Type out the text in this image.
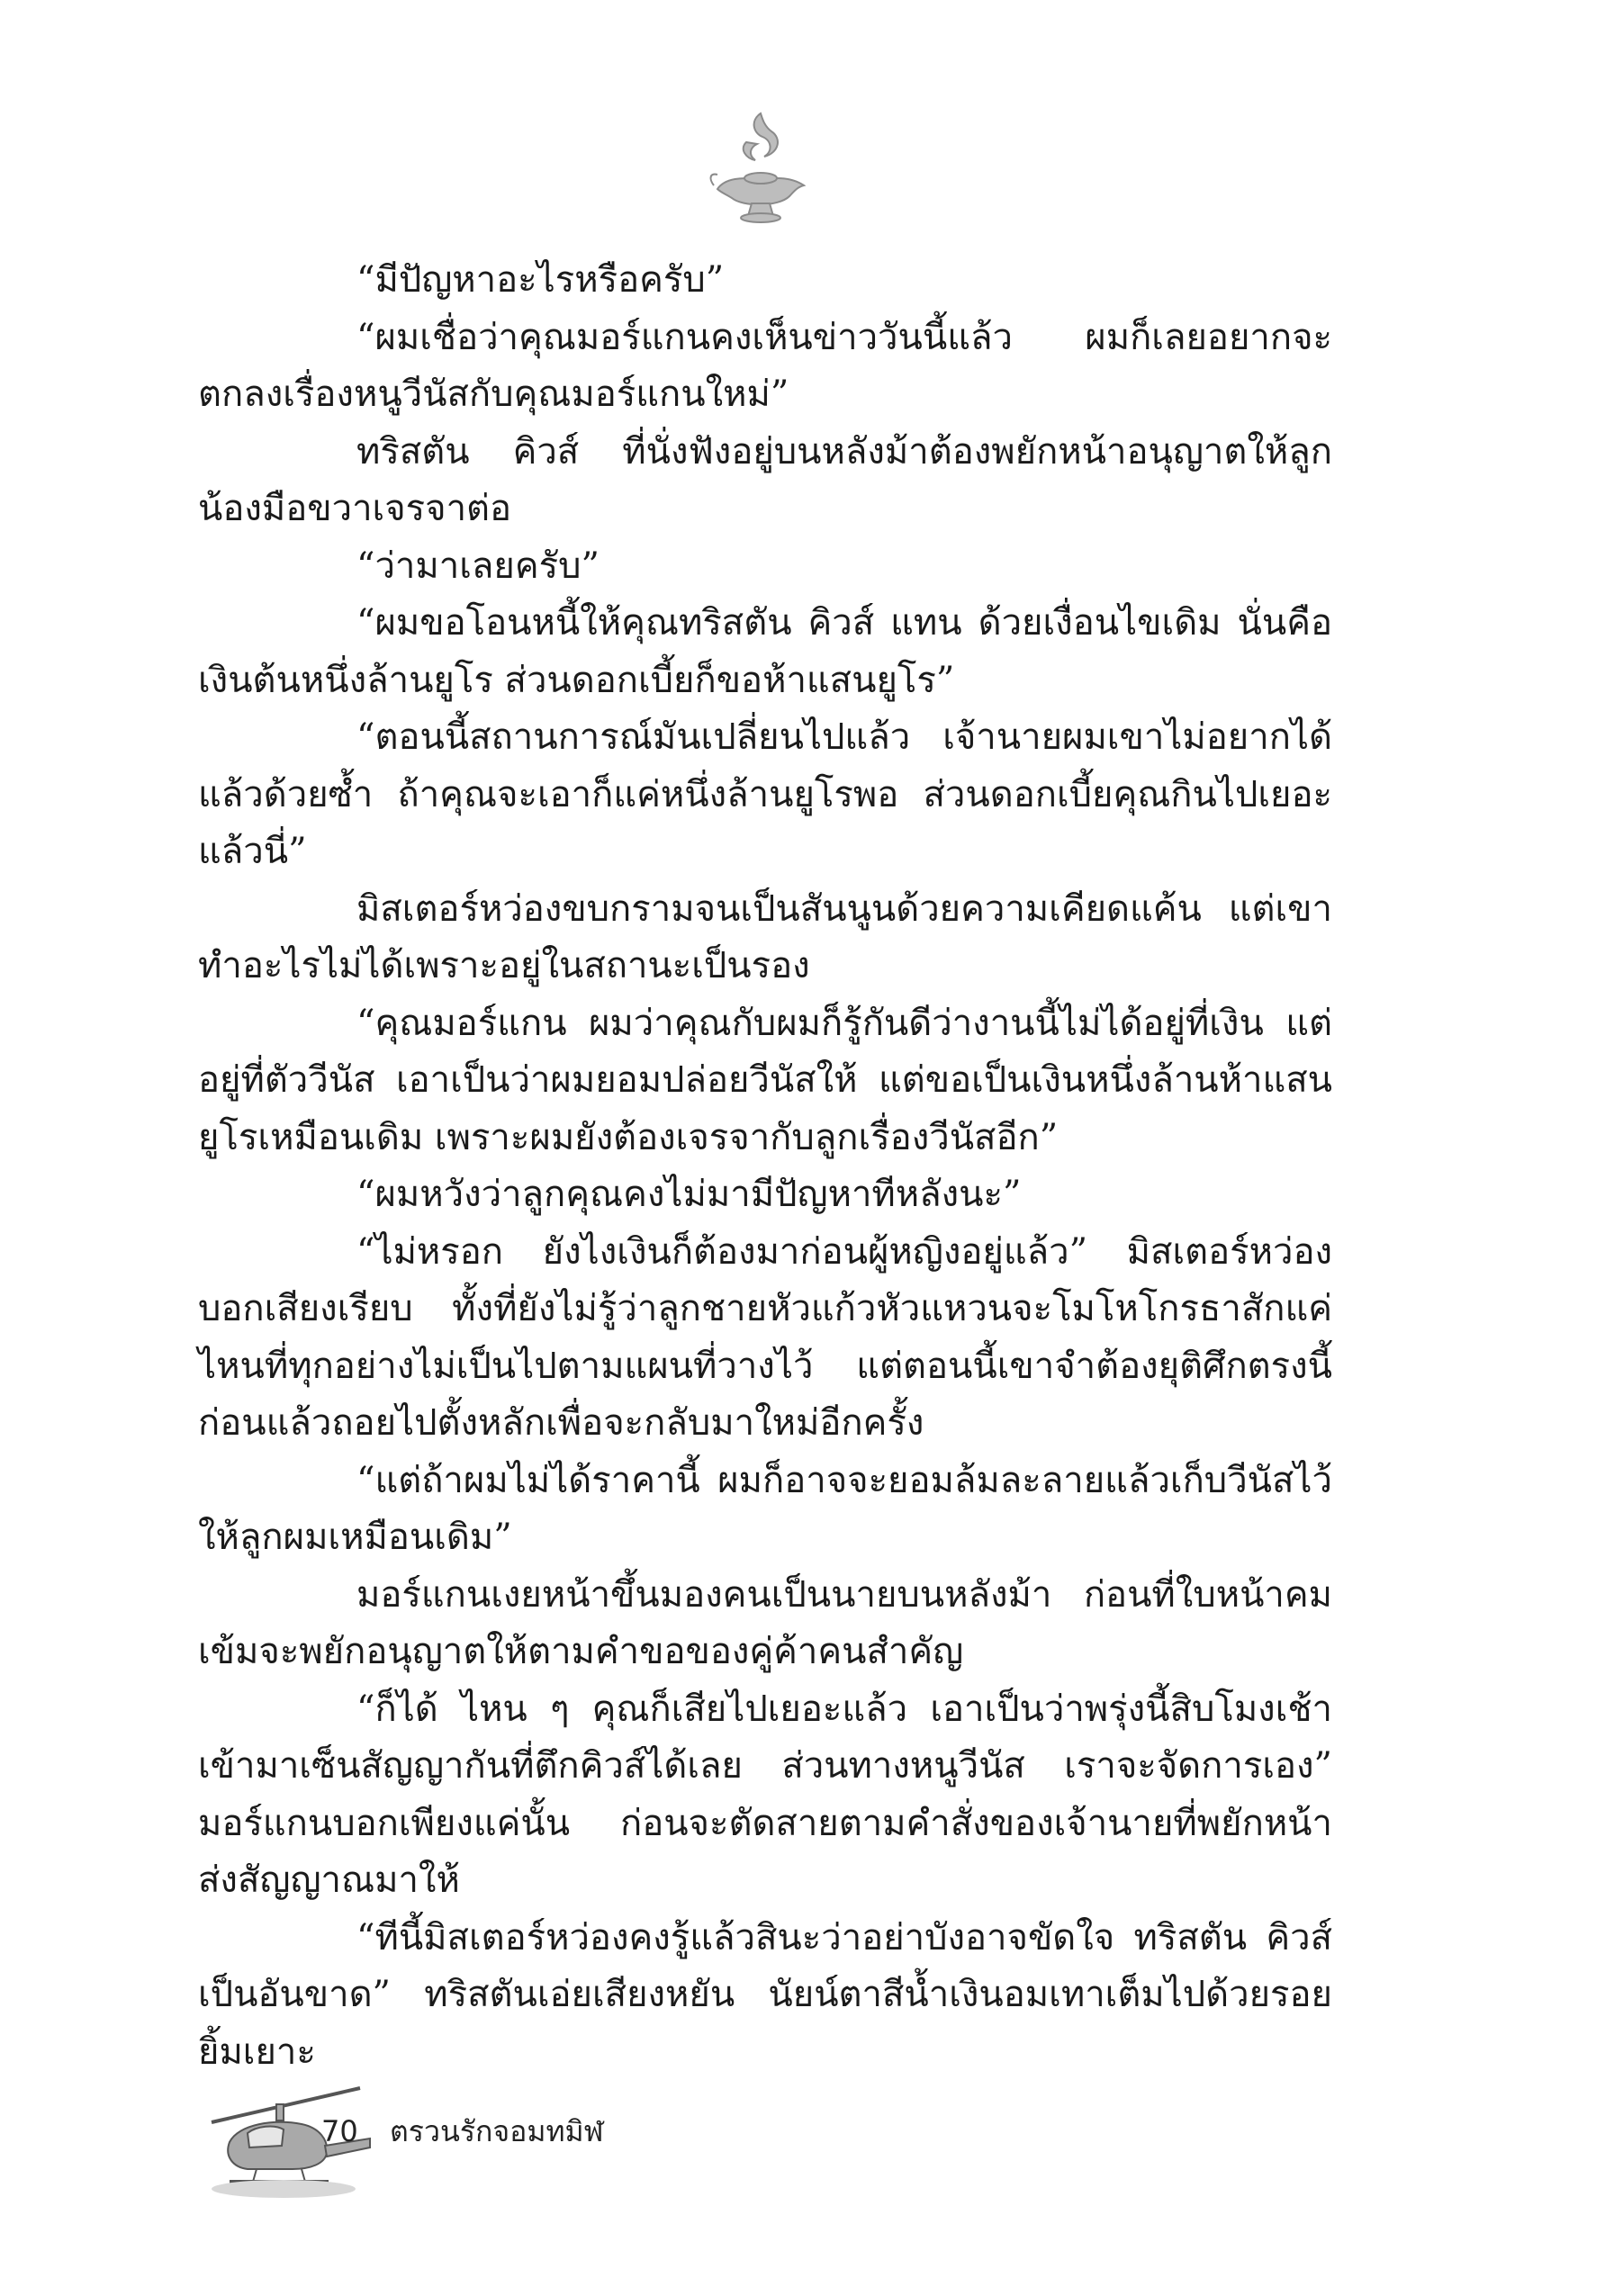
“มีปัญหาอะไรหรือครับ”

“ผมเชื่อว่าคุณมอร์แกนคงเห็นข่าววันนี้แล้ว ผมก็เลยอยากจะตกลงเรื่องหนูวีนัสกับคุณมอร์แกนใหม่”

ทริสตัน คิวส์ ที่นั่งฟังอยู่บนหลังม้าต้องพยักหน้าอนุญาตให้ลูกน้องมือขวาเจรจาต่อ

“ว่ามาเลยครับ”

“ผมขอโอนหนี้ให้คุณทริสตัน คิวส์ แทน ด้วยเงื่อนไขเดิม นั่นคือเงินต้นหนึ่งล้านยูโร ส่วนดอกเบี้ยก็ขอห้าแสนยูโร”

“ตอนนี้สถานการณ์มันเปลี่ยนไปแล้ว เจ้านายผมเขาไม่อยากได้แล้วด้วยซ้ำ ถ้าคุณจะเอาก็แค่หนึ่งล้านยูโรพอ ส่วนดอกเบี้ยคุณกินไปเยอะแล้วนี่”

มิสเตอร์หว่องขบกรามจนเป็นสันนูนด้วยความเคียดแค้น แต่เขาทำอะไรไม่ได้เพราะอยู่ในสถานะเป็นรอง

“คุณมอร์แกน ผมว่าคุณกับผมก็รู้กันดีว่างานนี้ไม่ได้อยู่ที่เงิน แต่อยู่ที่ตัววีนัส เอาเป็นว่าผมยอมปล่อยวีนัสให้ แต่ขอเป็นเงินหนึ่งล้านห้าแสนยูโรเหมือนเดิม เพราะผมยังต้องเจรจากับลูกเรื่องวีนัสอีก”

“ผมหวังว่าลูกคุณคงไม่มามีปัญหาทีหลังนะ”

“ไม่หรอก ยังไงเงินก็ต้องมาก่อนผู้หญิงอยู่แล้ว” มิสเตอร์หว่องบอกเสียงเรียบ ทั้งที่ยังไม่รู้ว่าลูกชายหัวแก้วหัวแหวนจะโมโหโกรธาสักแค่ไหนที่ทุกอย่างไม่เป็นไปตามแผนที่วางไว้ แต่ตอนนี้เขาจำต้องยุติศึกตรงนี้ก่อนแล้วถอยไปตั้งหลักเพื่อจะกลับมาใหม่อีกครั้ง

“แต่ถ้าผมไม่ได้ราคานี้ ผมก็อาจจะยอมล้มละลายแล้วเก็บวีนัสไว้ให้ลูกผมเหมือนเดิม”

มอร์แกนเงยหน้าขึ้นมองคนเป็นนายบนหลังม้า ก่อนที่ใบหน้าคมเข้มจะพยักอนุญาตให้ตามคำขอของคู่ค้าคนสำคัญ

“ก็ได้ ไหน ๆ คุณก็เสียไปเยอะแล้ว เอาเป็นว่าพรุ่งนี้สิบโมงเช้าเข้ามาเซ็นสัญญากันที่ตึกคิวส์ได้เลย ส่วนทางหนูวีนัส เราจะจัดการเอง” มอร์แกนบอกเพียงแค่นั้น ก่อนจะตัดสายตามคำสั่งของเจ้านายที่พยักหน้าส่งสัญญาณมาให้

“ทีนี้มิสเตอร์หว่องคงรู้แล้วสินะว่าอย่าบังอาจขัดใจ ทริสตัน คิวส์ เป็นอันขาด” ทริสตันเอ่ยเสียงหยัน นัยน์ตาสีน้ำเงินอมเทาเต็มไปด้วยรอยยิ้มเยาะ

70 ตรวนรักจอมทมิฬ
